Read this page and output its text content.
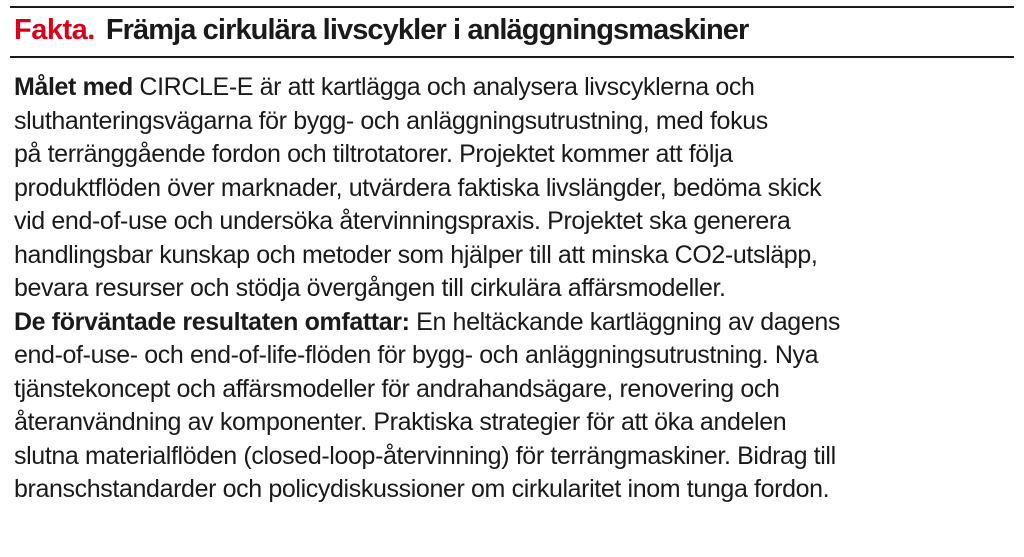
Fakta. Främja cirkulära livscykler i anläggningsmaskiner
Målet med CIRCLE-E är att kartlägga och analysera livscyklerna och
sluthanteringsvägarna för bygg- och anläggningsutrustning, med fokus
på terränggående fordon och tiltrotatorer. Projektet kommer att följa
produktflöden över marknader, utvärdera faktiska livslängder, bedöma skick
vid end-of-use och undersöka återvinningspraxis. Projektet ska generera
handlingsbar kunskap och metoder som hjälper till att minska CO2-utsläpp,
bevara resurser och stödja övergången till cirkulära affärsmodeller.
De förväntade resultaten omfattar: En heltäckande kartläggning av dagens
end-of-use- och end-of-life-flöden för bygg- och anläggningsutrustning. Nya
tjänstekoncept och affärsmodeller för andrahandsägare, renovering och
återanvändning av komponenter. Praktiska strategier för att öka andelen
slutna materialflöden (closed-loop-återvinning) för terrängmaskiner. Bidrag till
branschstandarder och policydiskussioner om cirkularitet inom tunga fordon.
